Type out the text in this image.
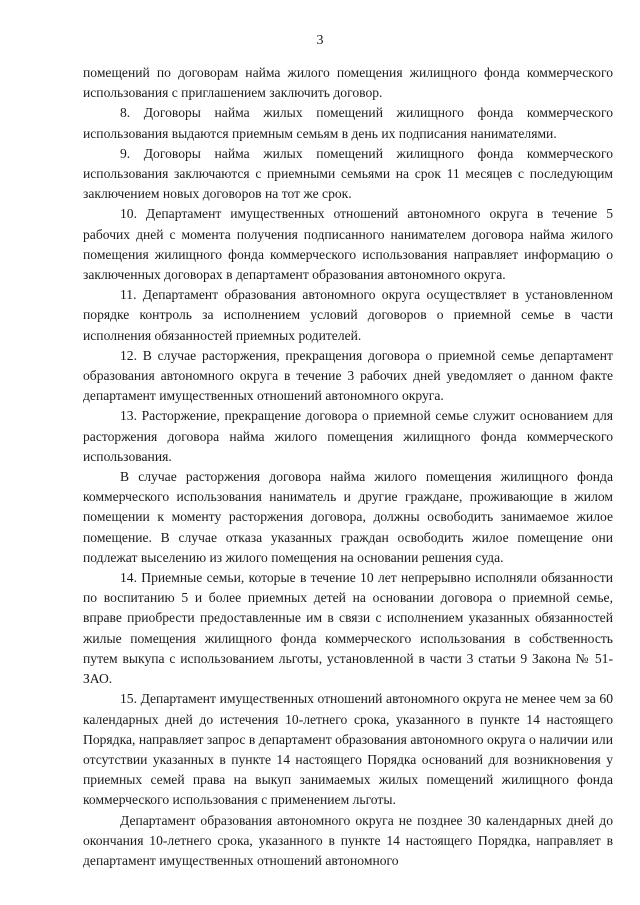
3

помещений по договорам найма жилого помещения жилищного фонда коммерческого использования с приглашением заключить договор.

8. Договоры найма жилых помещений жилищного фонда коммерческого использования выдаются приемным семьям в день их подписания нанимателями.

9. Договоры найма жилых помещений жилищного фонда коммерческого использования заключаются с приемными семьями на срок 11 месяцев с последующим заключением новых договоров на тот же срок.

10. Департамент имущественных отношений автономного округа в течение 5 рабочих дней с момента получения подписанного нанимателем договора найма жилого помещения жилищного фонда коммерческого использования направляет информацию о заключенных договорах в департамент образования автономного округа.

11. Департамент образования автономного округа осуществляет в установленном порядке контроль за исполнением условий договоров о приемной семье в части исполнения обязанностей приемных родителей.

12. В случае расторжения, прекращения договора о приемной семье департамент образования автономного округа в течение 3 рабочих дней уведомляет о данном факте департамент имущественных отношений автономного округа.

13. Расторжение, прекращение договора о приемной семье служит основанием для расторжения договора найма жилого помещения жилищного фонда коммерческого использования.

В случае расторжения договора найма жилого помещения жилищного фонда коммерческого использования наниматель и другие граждане, проживающие в жилом помещении к моменту расторжения договора, должны освободить занимаемое жилое помещение. В случае отказа указанных граждан освободить жилое помещение они подлежат выселению из жилого помещения на основании решения суда.

14. Приемные семьи, которые в течение 10 лет непрерывно исполняли обязанности по воспитанию 5 и более приемных детей на основании договора о приемной семье, вправе приобрести предоставленные им в связи с исполнением указанных обязанностей жилые помещения жилищного фонда коммерческого использования в собственность путем выкупа с использованием льготы, установленной в части 3 статьи 9 Закона № 51-ЗАО.

15. Департамент имущественных отношений автономного округа не менее чем за 60 календарных дней до истечения 10-летнего срока, указанного в пункте 14 настоящего Порядка, направляет запрос в департамент образования автономного округа о наличии или отсутствии указанных в пункте 14 настоящего Порядка оснований для возникновения у приемных семей права на выкуп занимаемых жилых помещений жилищного фонда коммерческого использования с применением льготы.

Департамент образования автономного округа не позднее 30 календарных дней до окончания 10-летнего срока, указанного в пункте 14 настоящего Порядка, направляет в департамент имущественных отношений автономного
